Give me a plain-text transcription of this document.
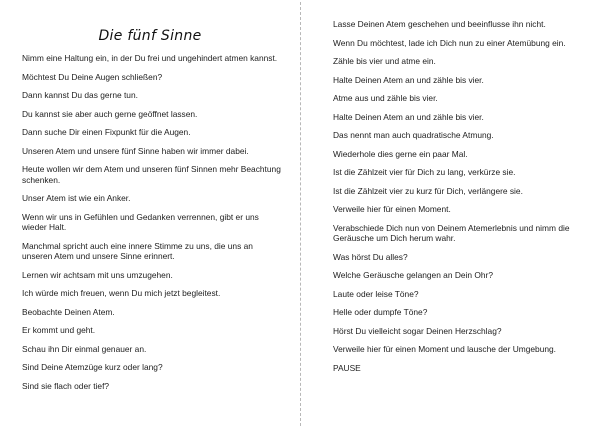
Die fünf Sinne
Nimm eine Haltung ein, in der Du frei und ungehindert atmen kannst.
Möchtest Du Deine Augen schließen?
Dann kannst Du das gerne tun.
Du kannst sie aber auch gerne geöffnet lassen.
Dann suche Dir einen Fixpunkt für die Augen.
Unseren Atem und unsere fünf Sinne haben wir immer dabei.
Heute wollen wir dem Atem und unseren fünf Sinnen mehr Beachtung schenken.
Unser Atem ist wie ein Anker.
Wenn wir uns in Gefühlen und Gedanken verrennen, gibt er uns wieder Halt.
Manchmal spricht auch eine innere Stimme zu uns, die uns an unseren Atem und unsere Sinne erinnert.
Lernen wir achtsam mit uns umzugehen.
Ich würde mich freuen, wenn Du mich jetzt begleitest.
Beobachte Deinen Atem.
Er kommt und geht.
Schau ihn Dir einmal genauer an.
Sind Deine Atemzüge kurz oder lang?
Sind sie flach oder tief?
Lasse Deinen Atem geschehen und beeinflusse ihn nicht.
Wenn Du möchtest, lade ich Dich nun zu einer Atemübung ein.
Zähle bis vier und atme ein.
Halte Deinen Atem an und zähle bis vier.
Atme aus und zähle bis vier.
Halte Deinen Atem an und zähle bis vier.
Das nennt man auch quadratische Atmung.
Wiederhole dies gerne ein paar Mal.
Ist die Zählzeit vier für Dich zu lang, verkürze sie.
Ist die Zählzeit vier zu kurz für Dich, verlängere sie.
Verweile hier für einen Moment.
Verabschiede Dich nun von Deinem Atemerlebnis und nimm die Geräusche um Dich herum wahr.
Was hörst Du alles?
Welche Geräusche gelangen an Dein Ohr?
Laute oder leise Töne?
Helle oder dumpfe Töne?
Hörst Du vielleicht sogar Deinen Herzschlag?
Verweile hier für einen Moment und lausche der Umgebung.
PAUSE
